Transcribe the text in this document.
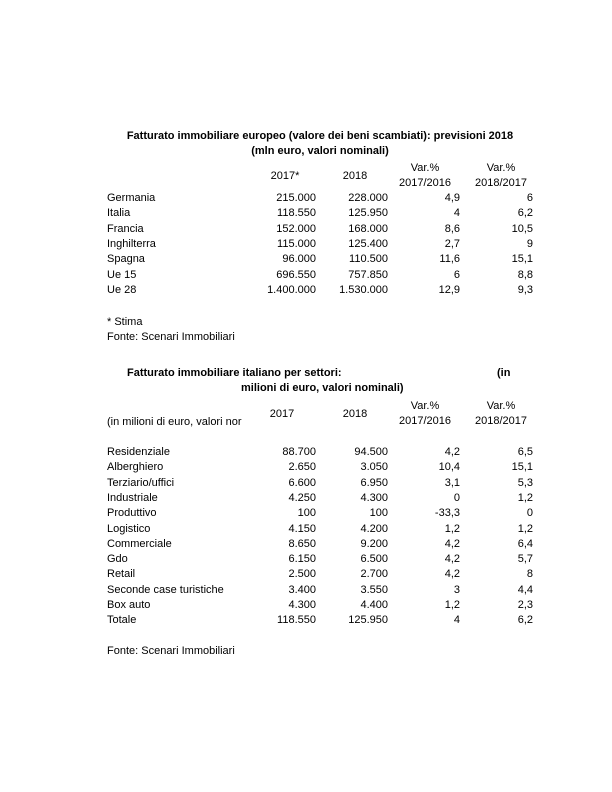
Fatturato immobiliare europeo (valore dei beni scambiati): previsioni 2018
(mln euro, valori nominali)
Var.%	Var.%
2017*	2018
2017/2016	2018/2017
Germania	215.000	228.000	4,9	6
Italia	118.550	125.950	4	6,2
Francia	152.000	168.000	8,6	10,5
Inghilterra	115.000	125.400	2,7	9
Spagna	96.000	110.500	11,6	15,1
Ue 15	696.550	757.850	6	8,8
Ue 28	1.400.000	1.530.000	12,9	9,3
* Stima
Fonte: Scenari Immobiliari
Fatturato immobiliare italiano per settori:	(in
milioni di euro, valori nominali)
Var.%	Var.%
(in milioni di euro, valori nor
2017	2018
2017/2016	2018/2017
Residenziale	88.700	94.500	4,2	6,5
Alberghiero	2.650	3.050	10,4	15,1
Terziario/uffici	6.600	6.950	3,1	5,3
Industriale	4.250	4.300	0	1,2
Produttivo	100	100	-33,3	0
Logistico	4.150	4.200	1,2	1,2
Commerciale	8.650	9.200	4,2	6,4
Gdo	6.150	6.500	4,2	5,7
Retail	2.500	2.700	4,2	8
Seconde case turistiche	3.400	3.550	3	4,4
Box auto	4.300	4.400	1,2	2,3
Totale	118.550	125.950	4	6,2
Fonte: Scenari Immobiliari
